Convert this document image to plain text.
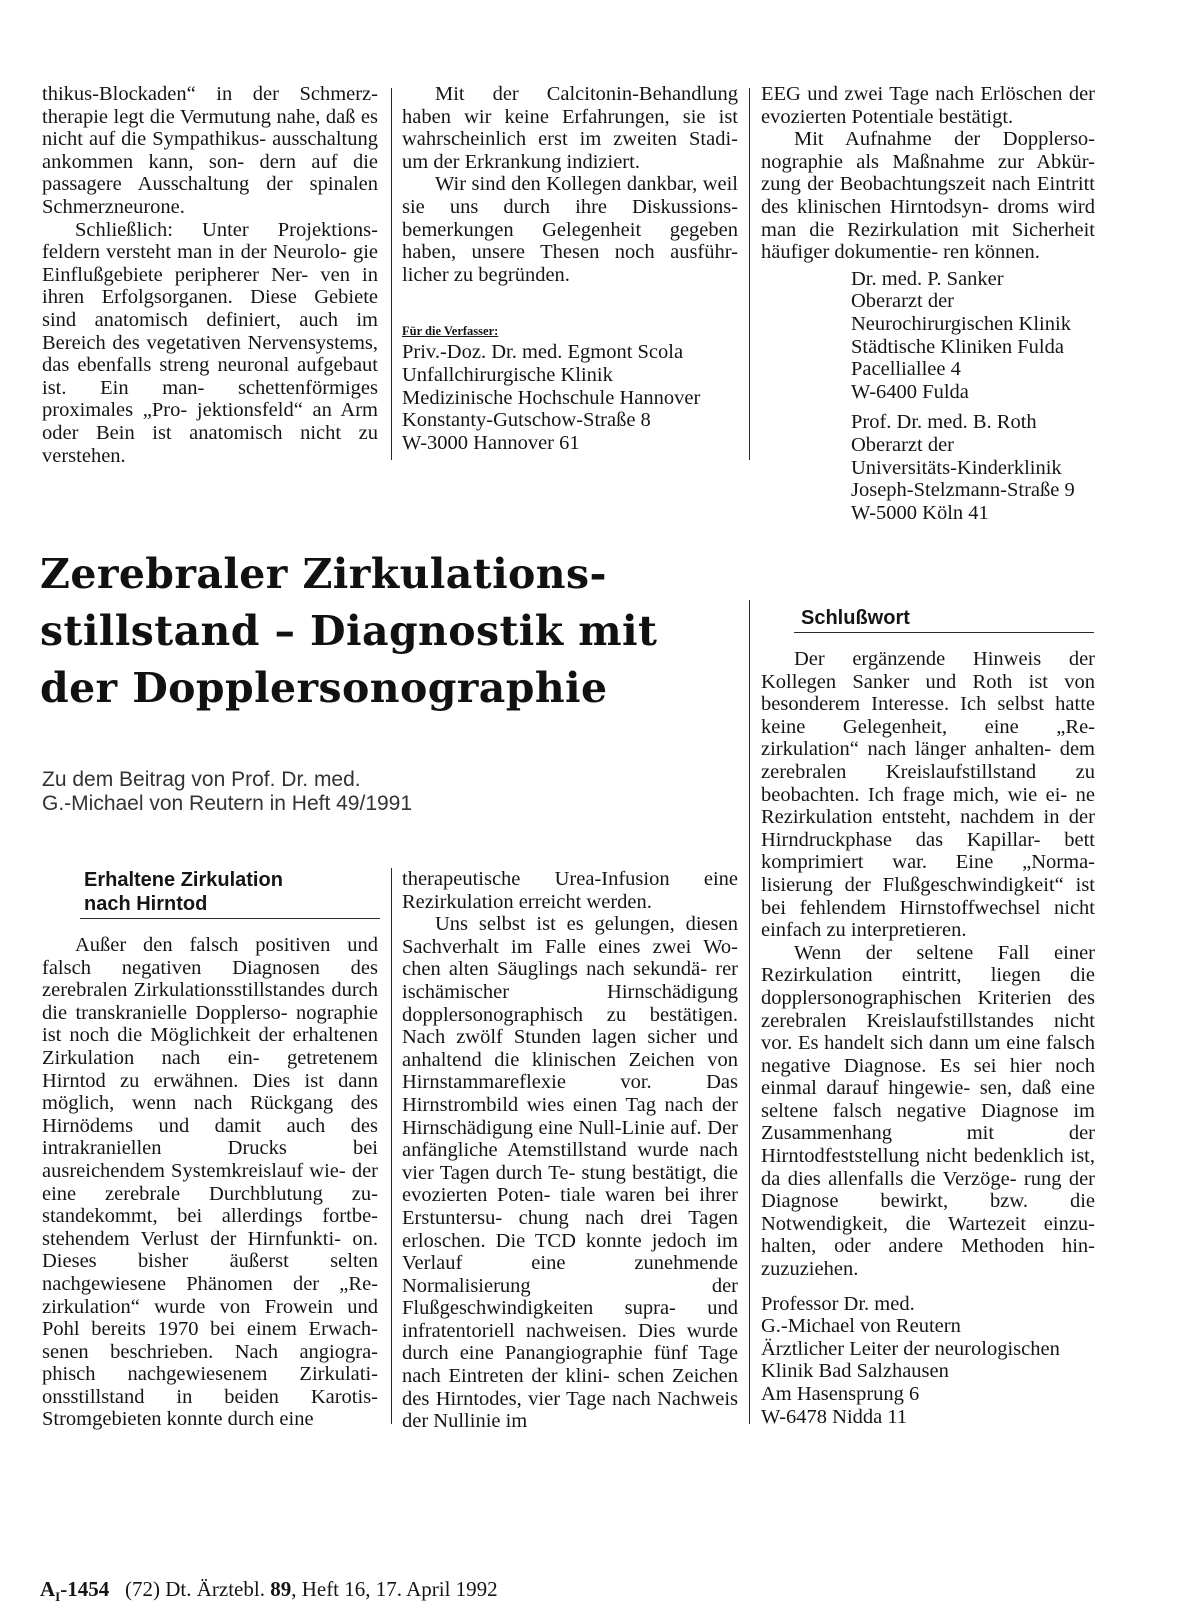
thikus-Blockaden“ in der Schmerz- therapie legt die Vermutung nahe, daß es nicht auf die Sympathikus- ausschaltung ankommen kann, son- dern auf die passagere Ausschaltung der spinalen Schmerzneurone.

Schließlich: Unter Projektions- feldern versteht man in der Neurolo- gie Einflußgebiete peripherer Ner- ven in ihren Erfolgsorganen. Diese Gebiete sind anatomisch definiert, auch im Bereich des vegetativen Nervensystems, das ebenfalls streng neuronal aufgebaut ist. Ein man- schettenförmiges proximales „Pro- jektionsfeld“ an Arm oder Bein ist anatomisch nicht zu verstehen.

Mit der Calcitonin-Behandlung haben wir keine Erfahrungen, sie ist wahrscheinlich erst im zweiten Stadi- um der Erkrankung indiziert.

Wir sind den Kollegen dankbar, weil sie uns durch ihre Diskussions- bemerkungen Gelegenheit gegeben haben, unsere Thesen noch ausführ- licher zu begründen.

Für die Verfasser:

Priv.-Doz. Dr. med. Egmont Scola

Unfallchirurgische Klinik

Medizinische Hochschule Hannover

Konstanty-Gutschow-Straße 8

W-3000 Hannover 61

EEG und zwei Tage nach Erlöschen der evozierten Potentiale bestätigt.

Mit Aufnahme der Dopplerso- nographie als Maßnahme zur Abkür- zung der Beobachtungszeit nach Eintritt des klinischen Hirntodsyn- droms wird man die Rezirkulation mit Sicherheit häufiger dokumentie- ren können.

Dr. med. P. Sanker

Oberarzt der

Neurochirurgischen Klinik

Städtische Kliniken Fulda

Pacelliallee 4

W-6400 Fulda

Prof. Dr. med. B. Roth

Oberarzt der

Universitäts-Kinderklinik

Joseph-Stelzmann-Straße 9

W-5000 Köln 41

Zerebraler Zirkulations-
stillstand – Diagnostik mit
der Dopplersonographie
Zu dem Beitrag von Prof. Dr. med.
G.-Michael von Reutern in Heft 49/1991
Erhaltene Zirkulation
nach Hirntod

Außer den falsch positiven und falsch negativen Diagnosen des zerebralen Zirkulationsstillstandes durch die transkranielle Dopplerso- nographie ist noch die Möglichkeit der erhaltenen Zirkulation nach ein- getretenem Hirntod zu erwähnen. Dies ist dann möglich, wenn nach Rückgang des Hirnödems und damit auch des intrakraniellen Drucks bei ausreichendem Systemkreislauf wie- der eine zerebrale Durchblutung zu- standekommt, bei allerdings fortbe- stehendem Verlust der Hirnfunkti- on. Dieses bisher äußerst selten nachgewiesene Phänomen der „Re- zirkulation“ wurde von Frowein und Pohl bereits 1970 bei einem Erwach- senen beschrieben. Nach angiogra- phisch nachgewiesenem Zirkulati- onsstillstand in beiden Karotis- Stromgebieten konnte durch eine

therapeutische Urea-Infusion eine Rezirkulation erreicht werden.

Uns selbst ist es gelungen, diesen Sachverhalt im Falle eines zwei Wo- chen alten Säuglings nach sekundä- rer ischämischer Hirnschädigung dopplersonographisch zu bestätigen. Nach zwölf Stunden lagen sicher und anhaltend die klinischen Zeichen von Hirnstammareflexie vor. Das Hirnstrombild wies einen Tag nach der Hirnschädigung eine Null-Linie auf. Der anfängliche Atemstillstand wurde nach vier Tagen durch Te- stung bestätigt, die evozierten Poten- tiale waren bei ihrer Erstuntersu- chung nach drei Tagen erloschen. Die TCD konnte jedoch im Verlauf eine zunehmende Normalisierung der Flußgeschwindigkeiten supra- und infratentoriell nachweisen. Dies wurde durch eine Panangiographie fünf Tage nach Eintreten der klini- schen Zeichen des Hirntodes, vier Tage nach Nachweis der Nullinie im

Schlußwort

Der ergänzende Hinweis der Kollegen Sanker und Roth ist von besonderem Interesse. Ich selbst hatte keine Gelegenheit, eine „Re- zirkulation“ nach länger anhalten- dem zerebralen Kreislaufstillstand zu beobachten. Ich frage mich, wie ei- ne Rezirkulation entsteht, nachdem in der Hirndruckphase das Kapillar- bett komprimiert war. Eine „Norma- lisierung der Flußgeschwindigkeit“ ist bei fehlendem Hirnstoffwechsel nicht einfach zu interpretieren.

Wenn der seltene Fall einer Rezirkulation eintritt, liegen die dopplersonographischen Kriterien des zerebralen Kreislaufstillstandes nicht vor. Es handelt sich dann um eine falsch negative Diagnose. Es sei hier noch einmal darauf hingewie- sen, daß eine seltene falsch negative Diagnose im Zusammenhang mit der Hirntodfeststellung nicht bedenklich ist, da dies allenfalls die Verzöge- rung der Diagnose bewirkt, bzw. die Notwendigkeit, die Wartezeit einzu- halten, oder andere Methoden hin- zuzuziehen.

Professor Dr. med.

G.-Michael von Reutern

Ärztlicher Leiter der neurologischen

Klinik Bad Salzhausen

Am Hasensprung 6

W-6478 Nidda 11

$A_I-1454$ (72) Dt. Ärztebl. 89, Heft 16, 17. April 1992
